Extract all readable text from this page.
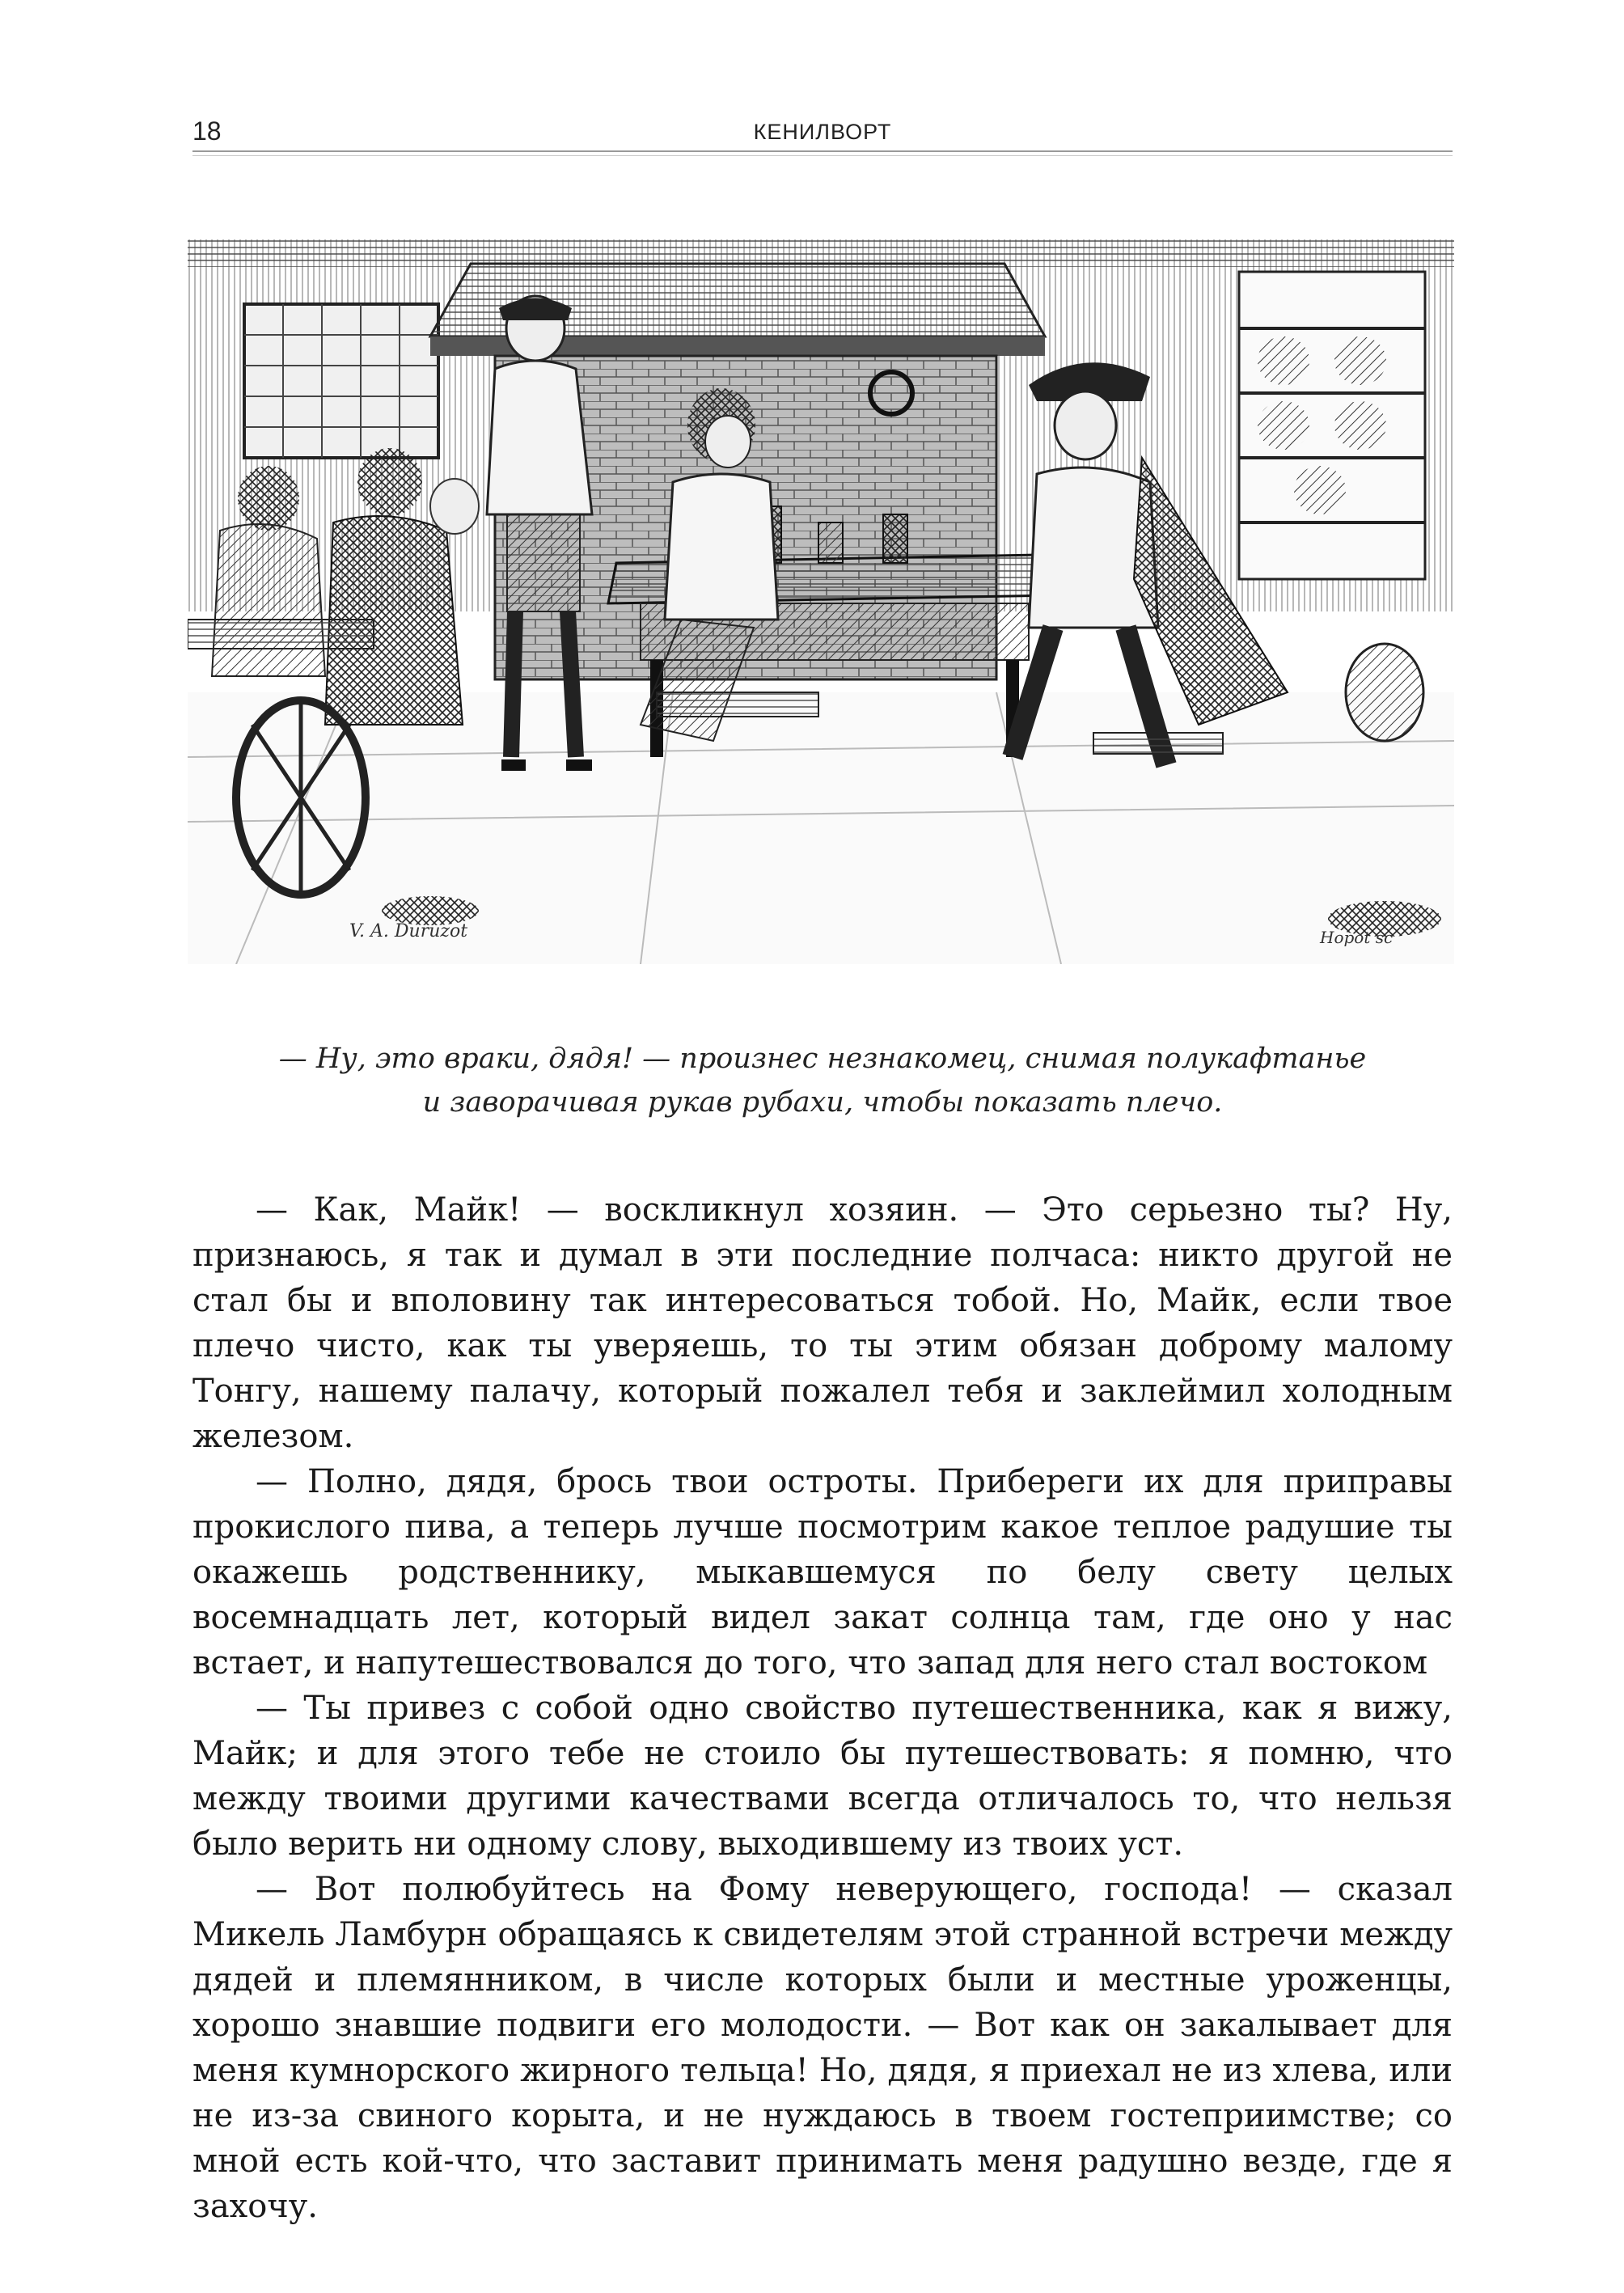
18	КЕНИЛВОРТ
V. A. Duruzot	Hopot sc

— Ну, это враки, дядя! — произнес незнакомец, снимая полукафтанье

и заворачивая рукав рубахи, чтобы показать плечо.

— Как, Майк! — воскликнул хозяин. — Это серьезно ты? Ну, признаюсь, я так и думал в эти последние полчаса: никто другой не стал бы и вполовину так интересоваться тобой. Но, Майк, если твое плечо чисто, как ты уверяешь, то ты этим обязан доброму малому Тонгу, нашему палачу, который пожалел тебя и заклеймил холодным железом.

— Полно, дядя, брось твои остроты. Прибереги их для приправы прокислого пива, а теперь лучше посмотрим какое теплое радушие ты окажешь родственнику, мыкавшемуся по белу свету целых восемнадцать лет, который видел закат солнца там, где оно у нас встает, и напутешествовался до того, что запад для него стал востоком

— Ты привез с собой одно свойство путешественника, как я вижу, Майк; и для этого тебе не стоило бы путешествовать: я помню, что между твоими другими качествами всегда отличалось то, что нельзя было верить ни одному слову, выходившему из твоих уст.

— Вот полюбуйтесь на Фому неверующего, господа! — сказал Микель Ламбурн обращаясь к свидетелям этой странной встречи между дядей и племянником, в числе которых были и местные уроженцы, хорошо знавшие подвиги его молодости. — Вот как он закалывает для меня кумнорского жирного тельца! Но, дядя, я приехал не из хлева, или не из-за свиного корыта, и не нуждаюсь в твоем гостеприимстве; со мной есть кой-что, что заставит принимать меня радушно везде, где я захочу.
